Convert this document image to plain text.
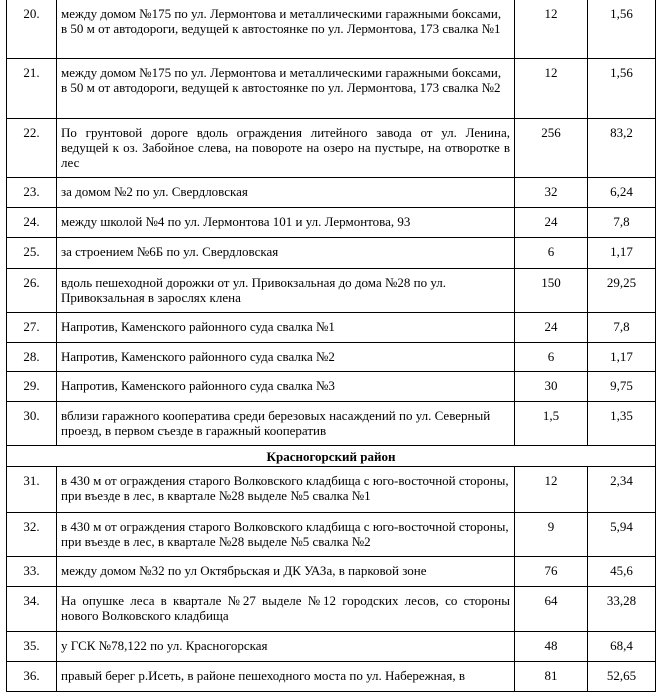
20.	между домом №175 по ул. Лермонтова и металлическими гаражными боксами, в 50 м от автодороги, ведущей к автостоянке по ул. Лермонтова, 173 свалка №1	12	1,56
21.	между домом №175 по ул. Лермонтова и металлическими гаражными боксами, в 50 м от автодороги, ведущей к автостоянке по ул. Лермонтова, 173 свалка №2	12	1,56
22.	По грунтовой дороге вдоль ограждения литейного завода от ул. Ленина, ведущей к оз. Забойное слева, на повороте на озеро на пустыре, на отворотке в лес	256	83,2
23.	за домом №2 по ул. Свердловская	32	6,24
24.	между школой №4 по ул. Лермонтова 101 и ул. Лермонтова, 93	24	7,8
25.	за строением №6Б по ул. Свердловская	6	1,17
26.	вдоль пешеходной дорожки от ул. Привокзальная до дома №28 по ул. Привокзальная в зарослях клена	150	29,25
27.	Напротив, Каменского районного суда свалка №1	24	7,8
28.	Напротив, Каменского районного суда свалка №2	6	1,17
29.	Напротив, Каменского районного суда свалка №3	30	9,75
30.	вблизи гаражного кооператива среди березовых насаждений по ул. Северный проезд, в первом съезде в гаражный кооператив	1,5	1,35
Красногорский район			
31.	в 430 м от ограждения старого Волковского кладбища с юго-восточной стороны, при въезде в лес, в квартале №28 выделе №5 свалка №1	12	2,34
32.	в 430 м от ограждения старого Волковского кладбища с юго-восточной стороны, при въезде в лес, в квартале №28 выделе №5 свалка №2	9	5,94
33.	между домом №32 по ул Октябрьская и ДК УАЗа, в парковой зоне	76	45,6
34.	На опушке леса в квартале №27 выделе №12 городских лесов, со стороны нового Волковского кладбища	64	33,28
35.	у ГСК №78,122 по ул. Красногорская	48	68,4
36.	правый берег р.Исеть, в районе пешеходного моста по ул. Набережная, в	81	52,65
